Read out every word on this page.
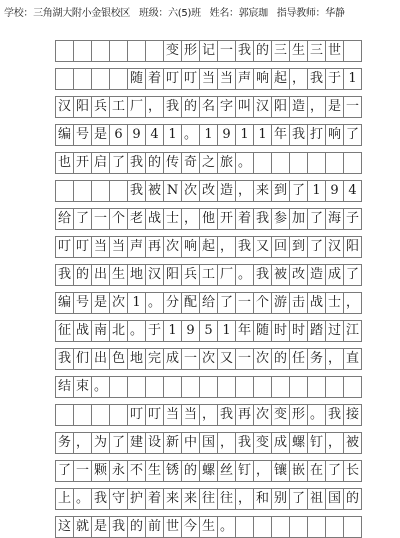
学校：三角湖大附小金银校区 班级：六(5)班 姓名：郭宸珈 指导教师：华静
变 形 记 一 我 的 三 生 三 世
随 着 叮 叮 当 当 声 响 起 ， 我 于 1
汉 阳 兵 工 厂 ， 我 的 名 字 叫 汉 阳 造 ， 是 一
编 号 是 6 9 4 1 。 1 9 1 1 年 我 打 响 了
也 开 启 了 我 的 传 奇 之 旅 。
我 被 N 次 改 造 ， 来 到 了 1 9 4
给 了 一 个 老 战 士 ， 他 开 着 我 参 加 了 海 子
叮 叮 当 当 声 再 次 响 起 ， 我 又 回 到 了 汉 阳
我 的 出 生 地 汉 阳 兵 工 厂 。 我 被 改 造 成 了
编 号 是 次 1 。 分 配 给 了 一 个 游 击 战 士 ，
征 战 南 北 。 于 1 9 5 1 年 随 时 时 踏 过 江
我 们 出 色 地 完 成 一 次 又 一 次 的 任 务 ， 直
结 束 。
叮 叮 当 当 ， 我 再 次 变 形 。 我 接
务 ， 为 了 建 设 新 中 国 ， 我 变 成 螺 钉 ， 被
了 一 颗 永 不 生 锈 的 螺 丝 钉 ， 镶 嵌 在 了 长
上 。 我 守 护 着 来 来 往 往 ， 和 别 了 祖 国 的
这 就 是 我 的 前 世 今 生 。
